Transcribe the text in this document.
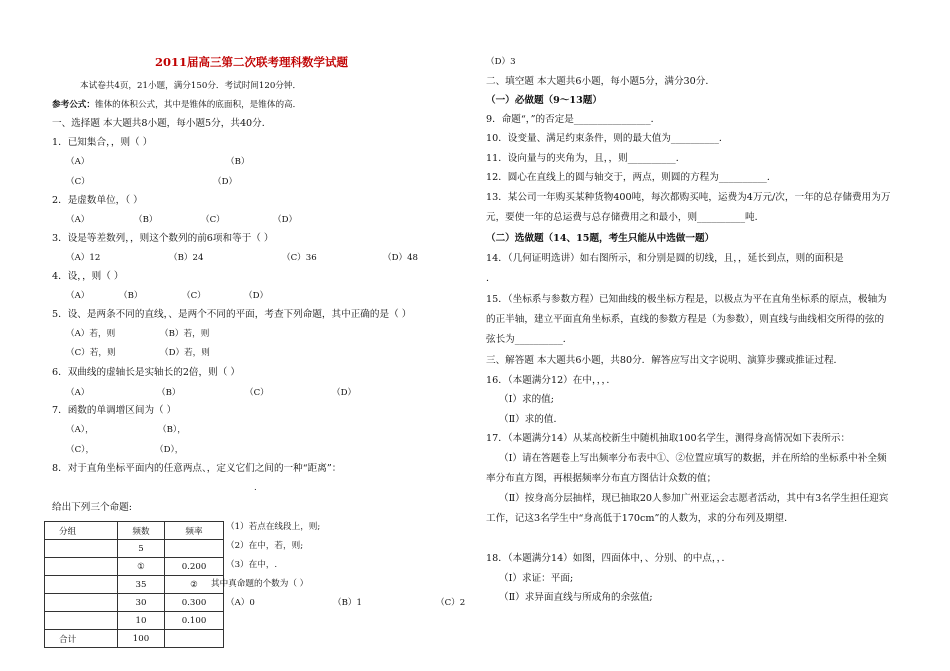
2011届高三第二次联考理科数学试题
本试卷共4页，21小题，满分150分．考试时间120分钟．
参考公式：锥体的体积公式，其中是锥体的底面积，是锥体的高．
一、选择题 本大题共8小题，每小题5分，共40分．
1．已知集合，，则（ ）
（A）	（B）
（C）	（D）
2．是虚数单位，（ ）
（A）	（B）	（C）	（D）
3．设是等差数列，，则这个数列的前6项和等于（ ）
（A）12	（B）24	（C）36	（D）48
4．设，，则（ ）
（A）	（B）	（C）	（D）
5．设、是两条不同的直线，、是两个不同的平面，考查下列命题，其中正确的是（ ）
（A）若，则	（B）若，则
（C）若，则	（D）若，则
6．双曲线的虚轴长是实轴长的2倍，则（ ）
（A）	（B）	（C）	（D）
7．函数的单调增区间为（ ）
（A），	（B），
（C），	（D），
8．对于直角坐标平面内的任意两点、，定义它们之间的一种“距离”：
.
给出下列三个命题:
分组	频数	频率
	5	
	①	0.200
	35	②
	30	0.300
	10	0.100
合计	100	
（1）若点在线段上，则;
（2）在中，若，则;
（3）在中，.
其中真命题的个数为（ ）
（A）0	（B）1	（C）2
（D）3
二、填空题 本大题共6小题，每小题5分，满分30分．
（一）必做题（9～13题）
9．命题“，”的否定是________________．
10．设变量、满足约束条件，则的最大值为__________．
11．设向量与的夹角为，且，，则__________．
12．圆心在直线上的圆与轴交于，两点，则圆的方程为__________．
13．某公司一年购买某种货物400吨，每次都购买吨，运费为4万元/次，一年的总存储费用为万
元，要使一年的总运费与总存储费用之和最小，则__________吨．
（二）选做题（14、15题，考生只能从中选做一题）
14．（几何证明选讲）如右图所示，和分别是圆的切线，且，，延长到点，则的面积是
．
15．（坐标系与参数方程）已知曲线的极坐标方程是，以极点为平在直角坐标系的原点，极轴为
的正半轴，建立平面直角坐标系，直线的参数方程是（为参数），则直线与曲线相交所得的弦的
弦长为__________．
三、解答题 本大题共6小题，共80分．解答应写出文字说明、演算步骤或推证过程．
16．（本题满分12）在中，，，．
（Ⅰ）求的值;
（Ⅱ）求的值．
17．（本题满分14）从某高校新生中随机抽取100名学生，测得身高情况如下表所示：
（Ⅰ）请在答题卷上写出频率分布表中①、②位置应填写的数据，并在所给的坐标系中补全频
率分布直方图，再根据频率分布直方图估计众数的值；
（Ⅱ）按身高分层抽样，现已抽取20人参加广州亚运会志愿者活动，其中有3名学生担任迎宾
工作，记这3名学生中“身高低于170cm”的人数为，求的分布列及期望．
18．（本题满分14）如图，四面体中，、分别、的中点，，．
（Ⅰ）求证：平面;
（Ⅱ）求异面直线与所成角的余弦值;
